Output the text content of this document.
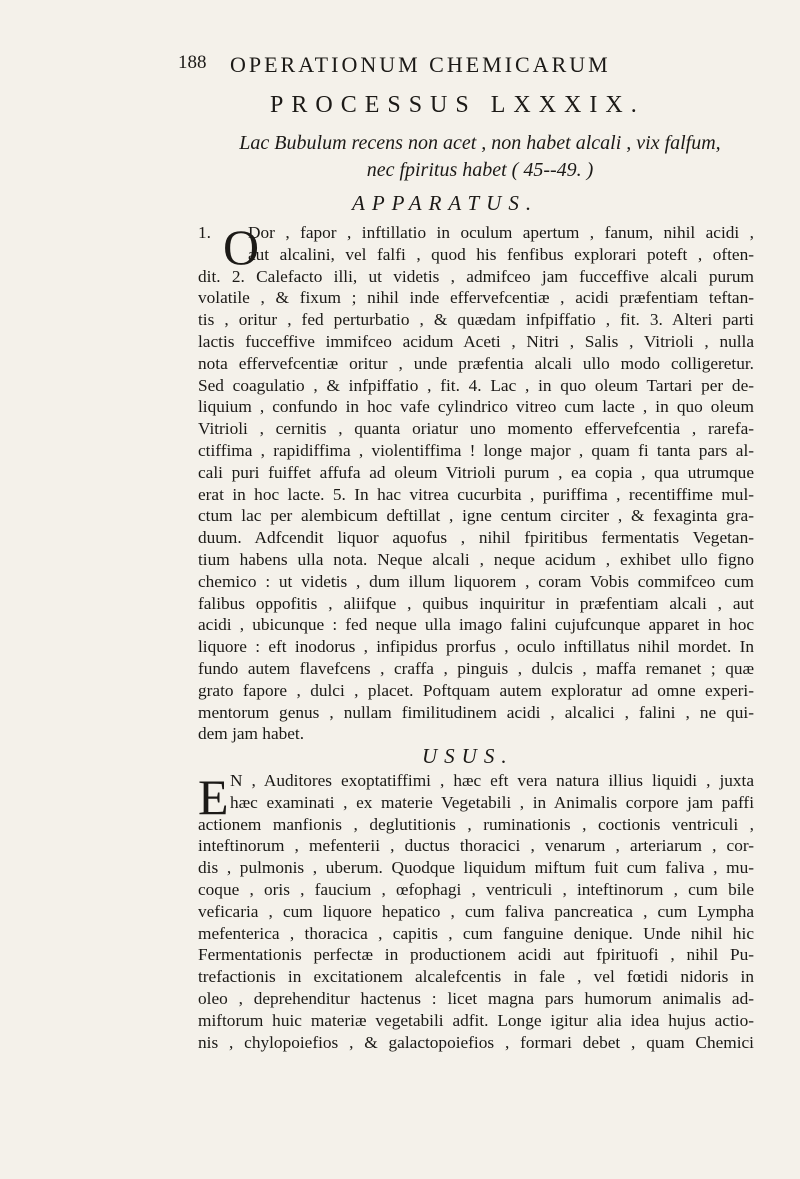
188 OPERATIONUM CHEMICARUM
PROCESSUS LXXXIX.
Lac Bubulum recens non acet , non habet alcali , vix falfum,
nec fpiritus habet ( 45--49. )
APPARATUS.
O
1.	Dor , fapor , inftillatio in oculum apertum , fanum, nihil acidi ,
aut alcalini, vel falfi , quod his fenfibus explorari poteft , often-
dit. 2. Calefacto illi, ut videtis , admifceo jam fucceffive alcali purum
volatile , & fixum ; nihil inde effervefcentiæ , acidi præfentiam teftan-
tis , oritur , fed perturbatio , & quædam infpiffatio , fit. 3. Alteri parti
lactis fucceffive immifceo acidum Aceti , Nitri , Salis , Vitrioli , nulla
nota effervefcentiæ oritur , unde præfentia alcali ullo modo colligeretur.
Sed coagulatio , & infpiffatio , fit. 4. Lac , in quo oleum Tartari per de-
liquium , confundo in hoc vafe cylindrico vitreo cum lacte , in quo oleum
Vitrioli , cernitis , quanta oriatur uno momento effervefcentia , rarefa-
ctiffima , rapidiffima , violentiffima ! longe major , quam fi tanta pars al-
cali puri fuiffet affufa ad oleum Vitrioli purum , ea copia , qua utrumque
erat in hoc lacte. 5. In hac vitrea cucurbita , puriffima , recentiffime mul-
ctum lac per alembicum deftillat , igne centum circiter , & fexaginta gra-
duum. Adfcendit liquor aquofus , nihil fpiritibus fermentatis Vegetan-
tium habens ulla nota. Neque alcali , neque acidum , exhibet ullo figno
chemico : ut videtis , dum illum liquorem , coram Vobis commifceo cum
falibus oppofitis , aliifque , quibus inquiritur in præfentiam alcali , aut
acidi , ubicunque : fed neque ulla imago falini cujufcunque apparet in hoc
liquore : eft inodorus , infipidus prorfus , oculo inftillatus nihil mordet. In
fundo autem flavefcens , craffa , pinguis , dulcis , maffa remanet ; quæ
grato fapore , dulci , placet. Poftquam autem exploratur ad omne experi-
mentorum genus , nullam fimilitudinem acidi , alcalici , falini , ne qui-
dem jam habet.
USUS.
E N , Auditores exoptatiffimi , hæc eft vera natura illius liquidi , juxta
hæc examinati , ex materie Vegetabili , in Animalis corpore jam paffi
actionem manfionis , deglutitionis , ruminationis , coctionis ventriculi ,
inteftinorum , mefenterii , ductus thoracici , venarum , arteriarum , cor-
dis , pulmonis , uberum. Quodque liquidum miftum fuit cum faliva , mu-
coque , oris , faucium , œfophagi , ventriculi , inteftinorum , cum bile
veficaria , cum liquore hepatico , cum faliva pancreatica , cum Lympha
mefenterica , thoracica , capitis , cum fanguine denique. Unde nihil hic
Fermentationis perfectæ in productionem acidi aut fpirituofi , nihil Pu-
trefactionis in excitationem alcalefcentis in fale , vel fœtidi nidoris in
oleo , deprehenditur hactenus : licet magna pars humorum animalis ad-
miftorum huic materiæ vegetabili adfit. Longe igitur alia idea hujus actio-
nis , chylopoiefios , & galactopoiefios , formari debet , quam Chemici
